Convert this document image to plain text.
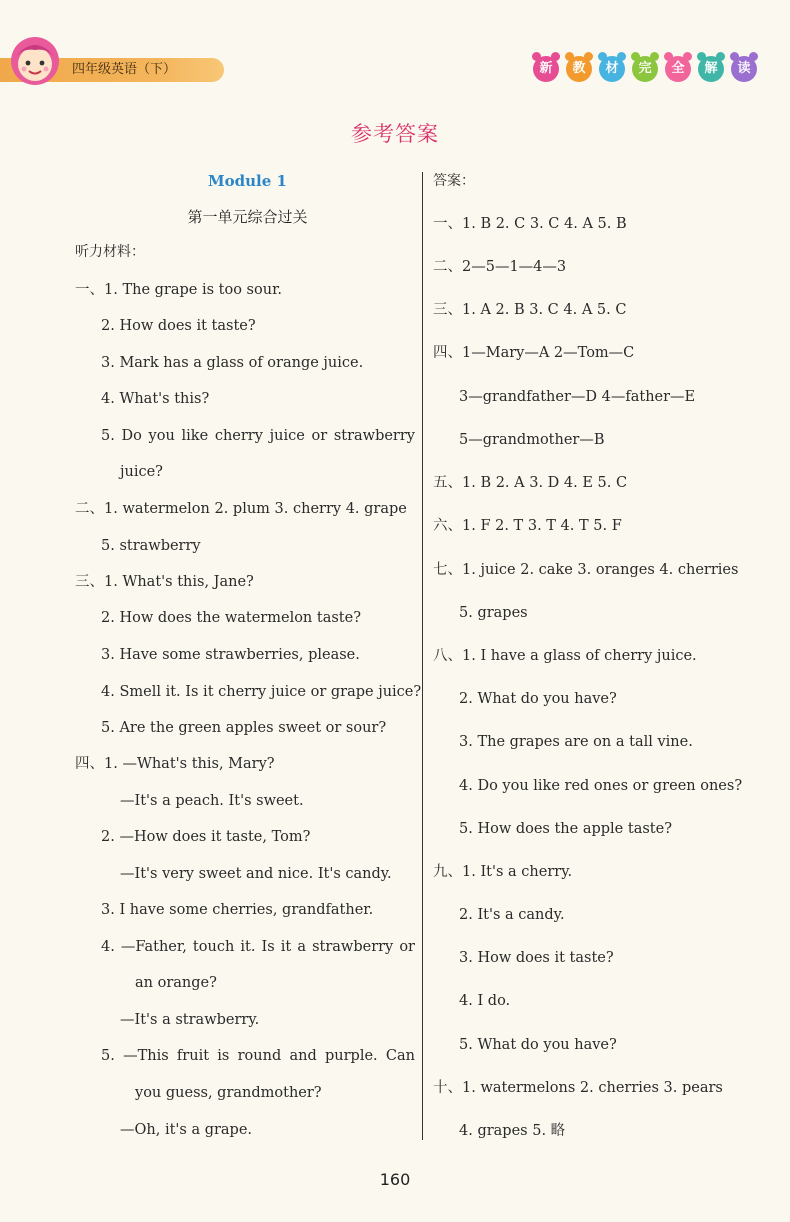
四年级英语（下）	新	教	材	完	全	解	读
参考答案
Module 1
第一单元综合过关
听力材料：
一、1. The grape is too sour.
2. How does it taste?
3. Mark has a glass of orange juice.
4. What's this?
5. Do you like cherry juice or strawberry
juice?
二、1. watermelon 2. plum 3. cherry 4. grape
5. strawberry
三、1. What's this, Jane?
2. How does the watermelon taste?
3. Have some strawberries, please.
4. Smell it. Is it cherry juice or grape juice?
5. Are the green apples sweet or sour?
四、1. —What's this, Mary?
—It's a peach. It's sweet.
2. —How does it taste, Tom?
—It's very sweet and nice. It's candy.
3. I have some cherries, grandfather.
4. —Father, touch it. Is it a strawberry or
an orange?
—It's a strawberry.
5. —This fruit is round and purple. Can
you guess, grandmother?
—Oh, it's a grape.
答案：
一、1. B 2. C 3. C 4. A 5. B
二、2—5—1—4—3
三、1. A 2. B 3. C 4. A 5. C
四、1—Mary—A 2—Tom—C
3—grandfather—D 4—father—E
5—grandmother—B
五、1. B 2. A 3. D 4. E 5. C
六、1. F 2. T 3. T 4. T 5. F
七、1. juice 2. cake 3. oranges 4. cherries
5. grapes
八、1. I have a glass of cherry juice.
2. What do you have?
3. The grapes are on a tall vine.
4. Do you like red ones or green ones?
5. How does the apple taste?
九、1. It's a cherry.
2. It's a candy.
3. How does it taste?
4. I do.
5. What do you have?
十、1. watermelons 2. cherries 3. pears
4. grapes 5. 略
160
